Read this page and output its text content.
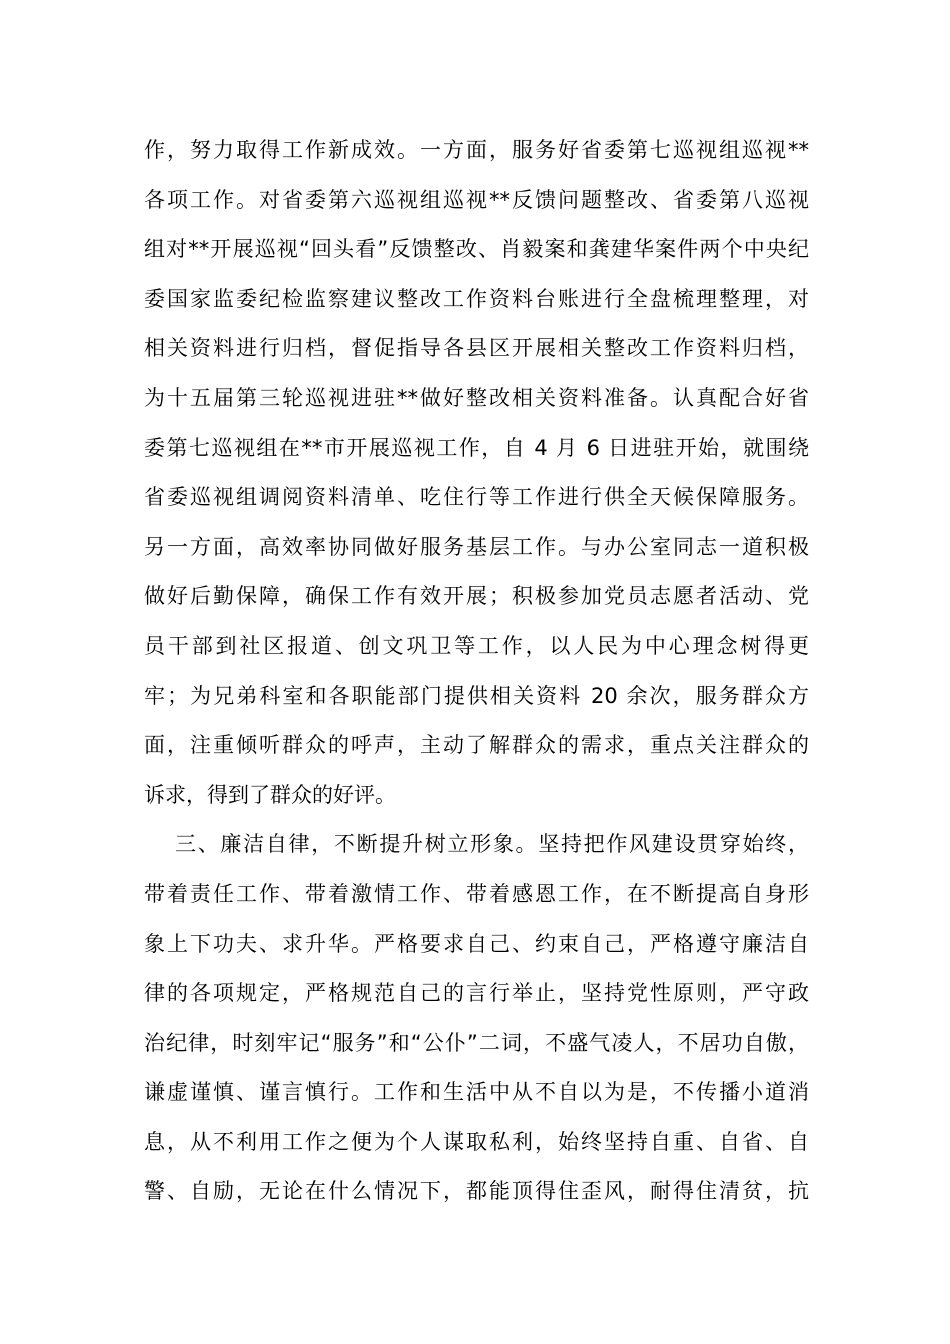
作，努力取得工作新成效。一方面，服务好省委第七巡视组巡视**
各项工作。对省委第六巡视组巡视**反馈问题整改、省委第八巡视
组对**开展巡视“回头看”反馈整改、肖毅案和龚建华案件两个中央纪
委国家监委纪检监察建议整改工作资料台账进行全盘梳理整理，对
相关资料进行归档，督促指导各县区开展相关整改工作资料归档，
为十五届第三轮巡视进驻**做好整改相关资料准备。认真配合好省
委第七巡视组在**市开展巡视工作，自 4 月 6 日进驻开始，就围绕
省委巡视组调阅资料清单、吃住行等工作进行供全天候保障服务。
另一方面，高效率协同做好服务基层工作。与办公室同志一道积极
做好后勤保障，确保工作有效开展；积极参加党员志愿者活动、党
员干部到社区报道、创文巩卫等工作，以人民为中心理念树得更
牢；为兄弟科室和各职能部门提供相关资料 20 余次，服务群众方
面，注重倾听群众的呼声，主动了解群众的需求，重点关注群众的
诉求，得到了群众的好评。
三、廉洁自律，不断提升树立形象。坚持把作风建设贯穿始终，
带着责任工作、带着激情工作、带着感恩工作，在不断提高自身形
象上下功夫、求升华。严格要求自己、约束自己，严格遵守廉洁自
律的各项规定，严格规范自己的言行举止，坚持党性原则，严守政
治纪律，时刻牢记“服务”和“公仆”二词，不盛气凌人，不居功自傲，
谦虚谨慎、谨言慎行。工作和生活中从不自以为是，不传播小道消
息，从不利用工作之便为个人谋取私利，始终坚持自重、自省、自
警、自励，无论在什么情况下，都能顶得住歪风，耐得住清贫，抗
